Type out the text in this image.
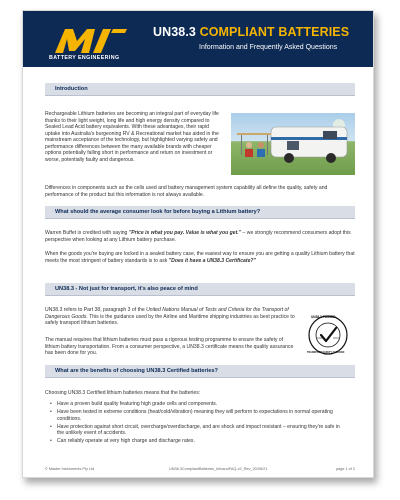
BATTERY ENGINEERING
UN38.3 COMPLIANT BATTERIES
Information and Frequently Asked Questions
Introduction
Rechargeable Lithium batteries are becoming an integral part of everyday life thanks to their light weight, long life and high energy density compared to Sealed Lead Acid battery equivalents. With these advantages, their rapid uptake into Australia's burgeoning RV & Recreational market has aided in the mainstream acceptance of the technology, but highlighted varying safety and performance differences between the many available brands with cheaper options potentially falling short in performance and return on investment or worse, potentially faulty and dangerous.
Differences in components such as the cells used and battery management system capability all define the quality, safety and performance of the product but this information is not always available.
What should the average consumer look for before buying a Lithium battery?
Warren Buffet is credited with saying "Price is what you pay. Value is what you get." – we strongly recommend consumers adopt this perspective when looking at any Lithium battery purchase.
When the goods you're buying are locked in a sealed battery case, the easiest way to ensure you are getting a quality Lithium battery that meets the most stringent of battery standards is to ask "Does it have a UN38.3 Certificate?"
UN38.3 - Not just for transport, it's also peace of mind
UN38.3 refers to Part 38, paragraph 3 of the United Nations Manual of Tests and Criteria for the Transport of Dangerous Goods. This is the guidance used by the Airline and Maritime shipping industries as best practice to safely transport lithium batteries.
The manual requires that lithium batteries must pass a rigorous testing programme to ensure the safety of lithium battery transportation. From a consumer perspective, a UN38.3 certificate means the quality assurance has been done for you.
UN38.3 PASSED
TRANSPORT SAFETY CHECKED
What are the benefits of choosing UN38.3 Certified batteries?
Choosing UN38.3 Certified lithium batteries means that the batteries:
• Have a proven build quality featuring high grade cells and components.
• Have been tested in extreme conditions (heat/cold/vibration) meaning they will perform to expectations in normal operating conditions.
• Have protection against short circuit, overcharge/overdischarge, and are shock and impact resistant – ensuring they're safe in the unlikely event of accidents.
• Can reliably operate at very high charge and discharge rates.
© Master Instruments Pty Ltd	UN38.3CompliantBatteries_InfoandFAQ-v2_Rev_20/06/21	page 1 of 2
